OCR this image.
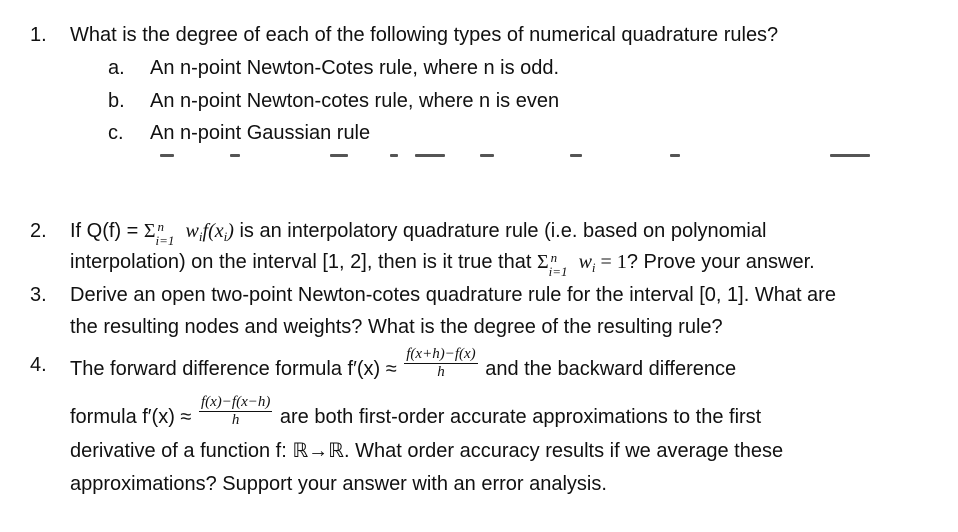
1. What is the degree of each of the following types of numerical quadrature rules?
a. An n-point Newton-Cotes rule, where n is odd.
b. An n-point Newton-cotes rule, where n is even
c. An n-point Gaussian rule
2. If Q(f) = Σ n
i=1 $w_if(x_i)$ is an interpolatory quadrature rule (i.e. based on polynomial
interpolation) on the interval [1, 2], then is it true that Σ n
i=1 $w_i = 1$? Prove your answer.
3. Derive an open two-point Newton-cotes quadrature rule for the interval [0, 1]. What are
the resulting nodes and weights? What is the degree of the resulting rule?
4. The forward difference formula $f'(x) \approx \frac{f(x+h)-f(x)}{h}$ and the backward difference
formula $f'(x) \approx \frac{f(x)-f(x-h)}{h}$ are both first-order accurate approximations to the first
derivative of a function f: ℝ→ℝ. What order accuracy results if we average these
approximations? Support your answer with an error analysis.
